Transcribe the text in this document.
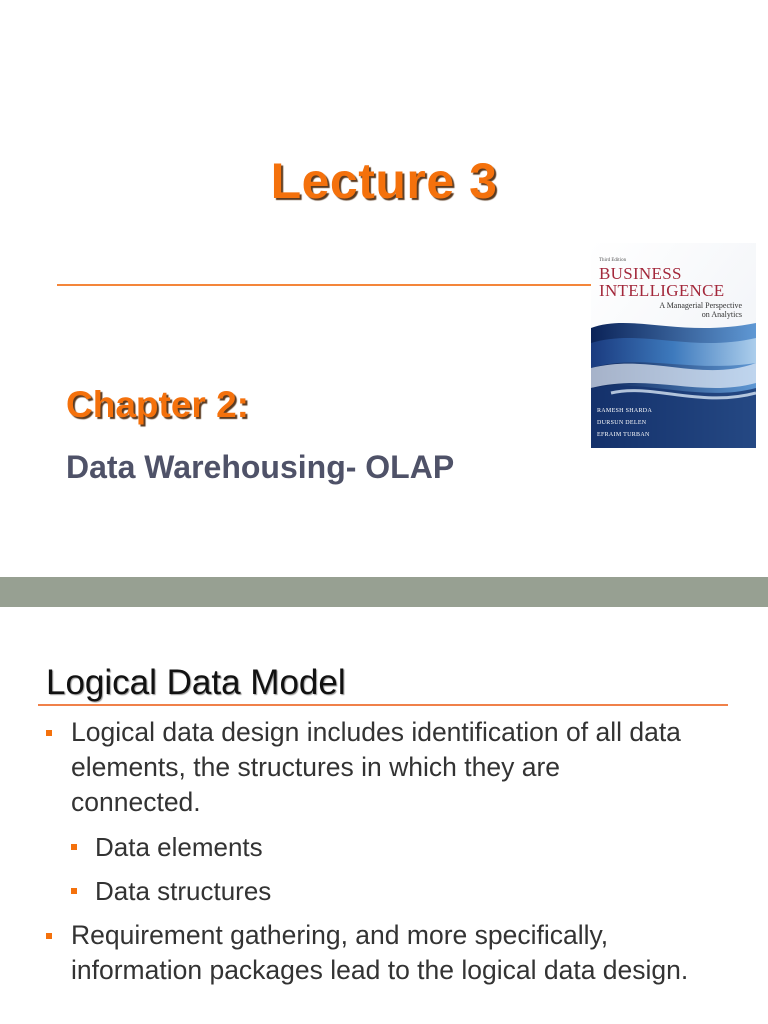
Lecture 3
Chapter 2:
Data Warehousing- OLAP
Third Edition
BUSINESS
INTELLIGENCE
A Managerial Perspective
on Analytics
RAMESH SHARDA
DURSUN DELEN
EFRAIM TURBAN
Logical Data Model
Logical data design includes identification of all data elements, the structures in which they are connected.
Data elements
Data structures
Requirement gathering, and more specifically, information packages lead to the logical data design.
